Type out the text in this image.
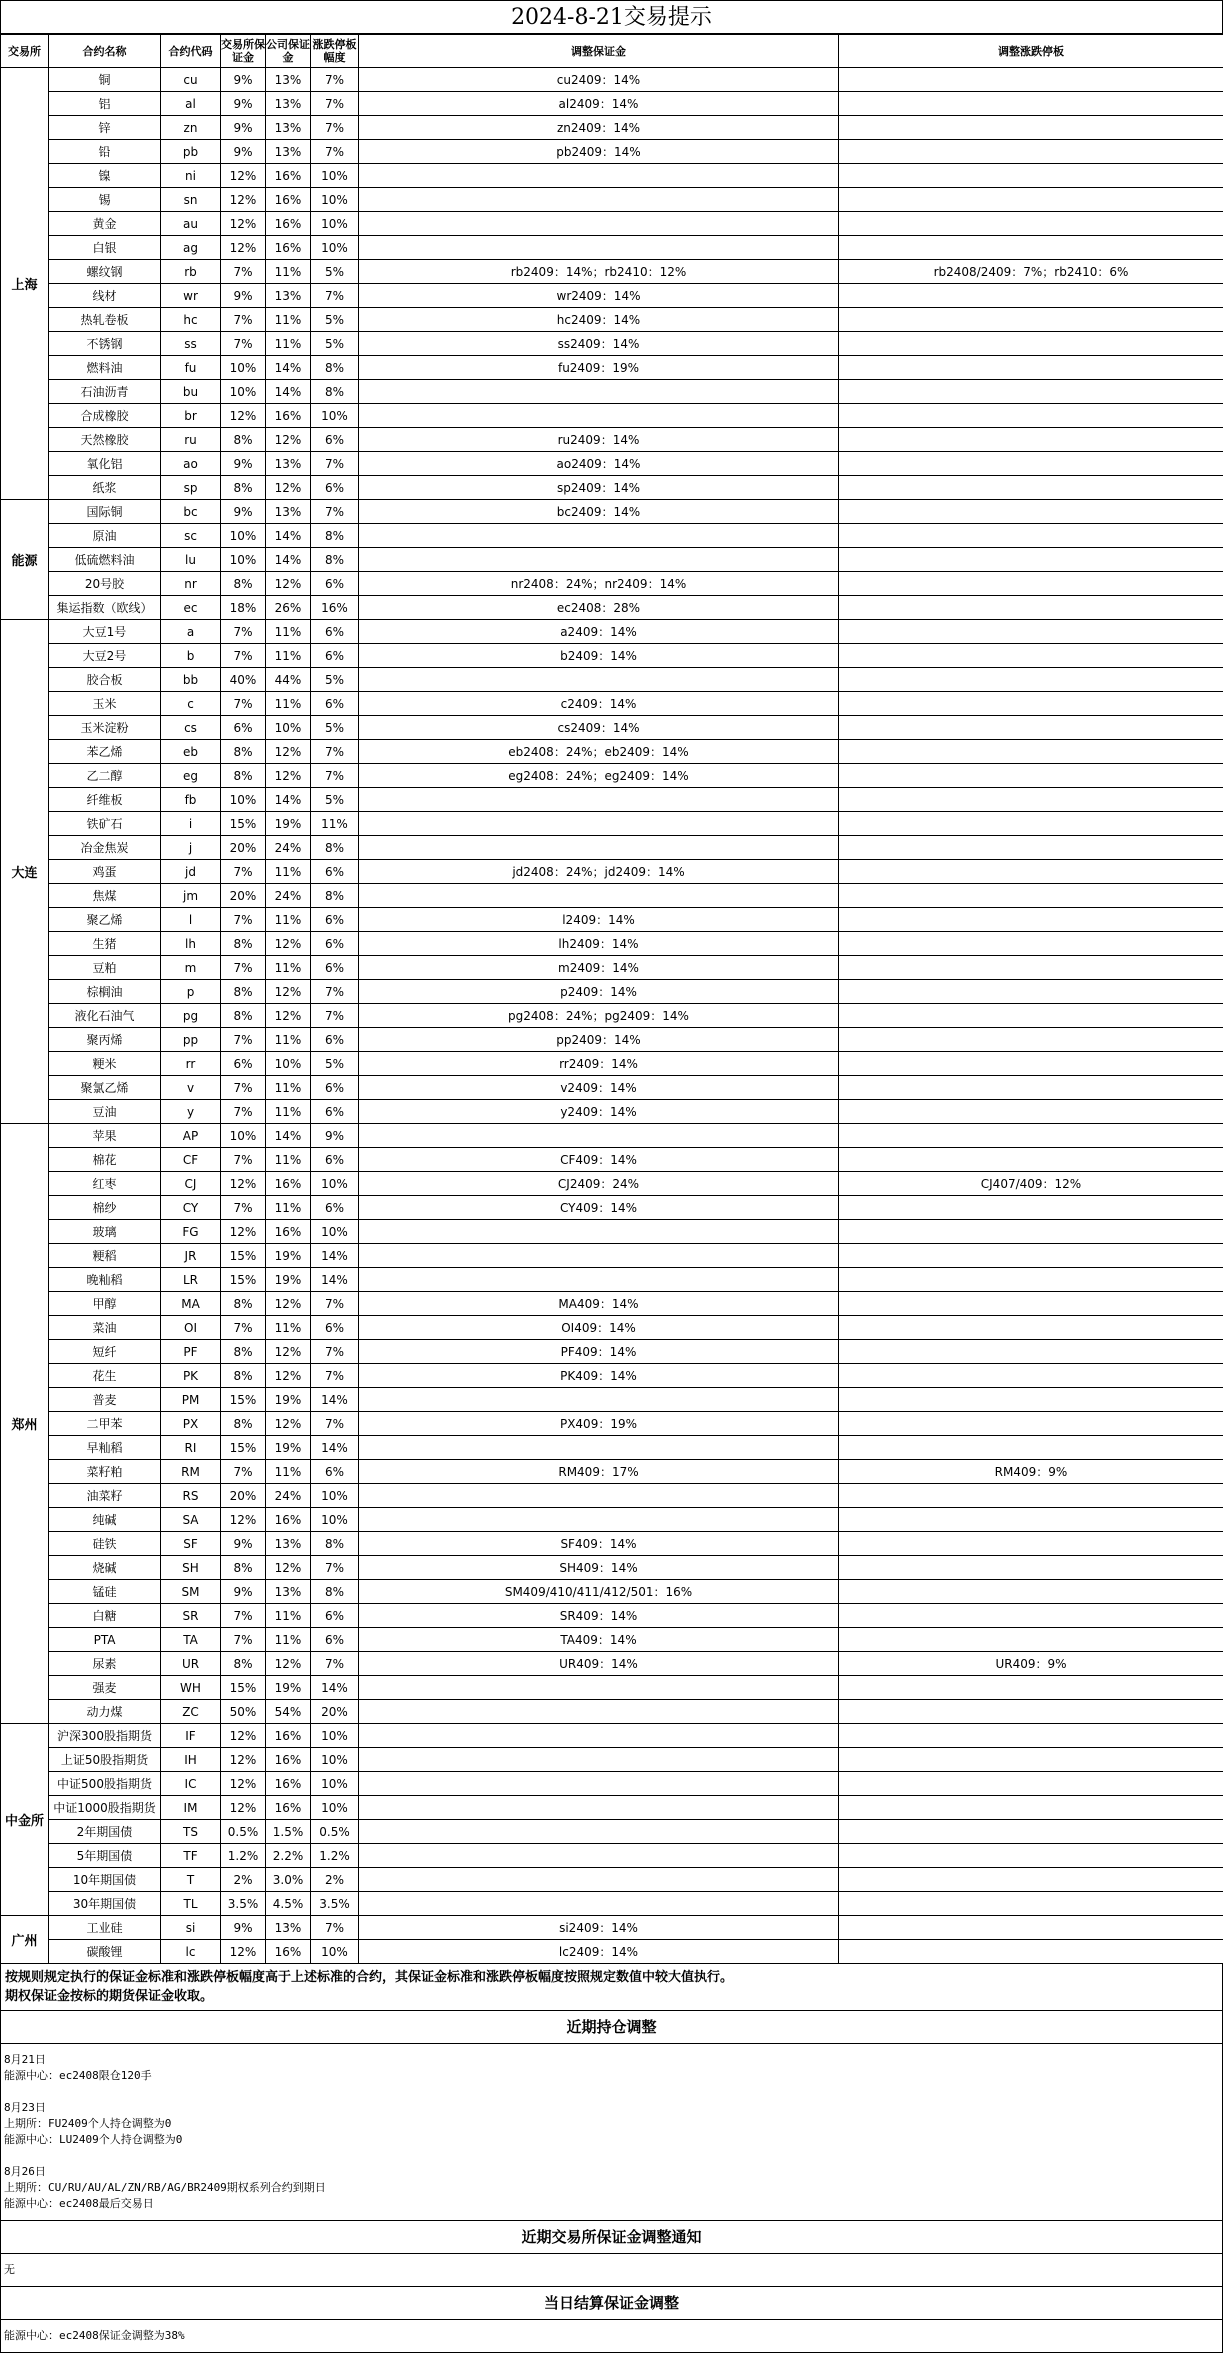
2024-8-21交易提示
交易所	合约名称	合约代码	交易所保证金	公司保证金	涨跌停板幅度	调整保证金	调整涨跌停板
上海	铜	cu	9%	13%	7%	cu2409：14%	
	铝	al	9%	13%	7%	al2409：14%	
	锌	zn	9%	13%	7%	zn2409：14%	
	铅	pb	9%	13%	7%	pb2409：14%	
	镍	ni	12%	16%	10%		
	锡	sn	12%	16%	10%		
	黄金	au	12%	16%	10%		
	白银	ag	12%	16%	10%		
	螺纹钢	rb	7%	11%	5%	rb2409：14%；rb2410：12%	rb2408/2409：7%；rb2410：6%
	线材	wr	9%	13%	7%	wr2409：14%	
	热轧卷板	hc	7%	11%	5%	hc2409：14%	
	不锈钢	ss	7%	11%	5%	ss2409：14%	
	燃料油	fu	10%	14%	8%	fu2409：19%	
	石油沥青	bu	10%	14%	8%		
	合成橡胶	br	12%	16%	10%		
	天然橡胶	ru	8%	12%	6%	ru2409：14%	
	氧化铝	ao	9%	13%	7%	ao2409：14%	
	纸浆	sp	8%	12%	6%	sp2409：14%	
能源	国际铜	bc	9%	13%	7%	bc2409：14%	
	原油	sc	10%	14%	8%		
	低硫燃料油	lu	10%	14%	8%		
	20号胶	nr	8%	12%	6%	nr2408：24%；nr2409：14%	
	集运指数（欧线）	ec	18%	26%	16%	ec2408：28%	
大连	大豆1号	a	7%	11%	6%	a2409：14%	
	大豆2号	b	7%	11%	6%	b2409：14%	
	胶合板	bb	40%	44%	5%		
	玉米	c	7%	11%	6%	c2409：14%	
	玉米淀粉	cs	6%	10%	5%	cs2409：14%	
	苯乙烯	eb	8%	12%	7%	eb2408：24%；eb2409：14%	
	乙二醇	eg	8%	12%	7%	eg2408：24%；eg2409：14%	
	纤维板	fb	10%	14%	5%		
	铁矿石	i	15%	19%	11%		
	冶金焦炭	j	20%	24%	8%		
	鸡蛋	jd	7%	11%	6%	jd2408：24%；jd2409：14%	
	焦煤	jm	20%	24%	8%		
	聚乙烯	l	7%	11%	6%	l2409：14%	
	生猪	lh	8%	12%	6%	lh2409：14%	
	豆粕	m	7%	11%	6%	m2409：14%	
	棕榈油	p	8%	12%	7%	p2409：14%	
	液化石油气	pg	8%	12%	7%	pg2408：24%；pg2409：14%	
	聚丙烯	pp	7%	11%	6%	pp2409：14%	
	粳米	rr	6%	10%	5%	rr2409：14%	
	聚氯乙烯	v	7%	11%	6%	v2409：14%	
	豆油	y	7%	11%	6%	y2409：14%	
郑州	苹果	AP	10%	14%	9%		
	棉花	CF	7%	11%	6%	CF409：14%	
	红枣	CJ	12%	16%	10%	CJ2409：24%	CJ407/409：12%
	棉纱	CY	7%	11%	6%	CY409：14%	
	玻璃	FG	12%	16%	10%		
	粳稻	JR	15%	19%	14%		
	晚籼稻	LR	15%	19%	14%		
	甲醇	MA	8%	12%	7%	MA409：14%	
	菜油	OI	7%	11%	6%	OI409：14%	
	短纤	PF	8%	12%	7%	PF409：14%	
	花生	PK	8%	12%	7%	PK409：14%	
	普麦	PM	15%	19%	14%		
	二甲苯	PX	8%	12%	7%	PX409：19%	
	早籼稻	RI	15%	19%	14%		
	菜籽粕	RM	7%	11%	6%	RM409：17%	RM409：9%
	油菜籽	RS	20%	24%	10%		
	纯碱	SA	12%	16%	10%		
	硅铁	SF	9%	13%	8%	SF409：14%	
	烧碱	SH	8%	12%	7%	SH409：14%	
	锰硅	SM	9%	13%	8%	SM409/410/411/412/501：16%	
	白糖	SR	7%	11%	6%	SR409：14%	
	PTA	TA	7%	11%	6%	TA409：14%	
	尿素	UR	8%	12%	7%	UR409：14%	UR409：9%
	强麦	WH	15%	19%	14%		
	动力煤	ZC	50%	54%	20%		
中金所	沪深300股指期货	IF	12%	16%	10%		
	上证50股指期货	IH	12%	16%	10%		
	中证500股指期货	IC	12%	16%	10%		
	中证1000股指期货	IM	12%	16%	10%		
	2年期国债	TS	0.5%	1.5%	0.5%		
	5年期国债	TF	1.2%	2.2%	1.2%		
	10年期国债	T	2%	3.0%	2%		
	30年期国债	TL	3.5%	4.5%	3.5%		
广州	工业硅	si	9%	13%	7%	si2409：14%	
	碳酸锂	lc	12%	16%	10%	lc2409：14%	
按规则规定执行的保证金标准和涨跌停板幅度高于上述标准的合约，其保证金标准和涨跌停板幅度按照规定数值中较大值执行。
期权保证金按标的期货保证金收取。
近期持仓调整
8月21日
能源中心：ec2408限仓120手
8月23日
上期所：FU2409个人持仓调整为0
能源中心：LU2409个人持仓调整为0
8月26日
上期所：CU/RU/AU/AL/ZN/RB/AG/BR2409期权系列合约到期日
能源中心：ec2408最后交易日
近期交易所保证金调整通知
无
当日结算保证金调整
能源中心：ec2408保证金调整为38%
